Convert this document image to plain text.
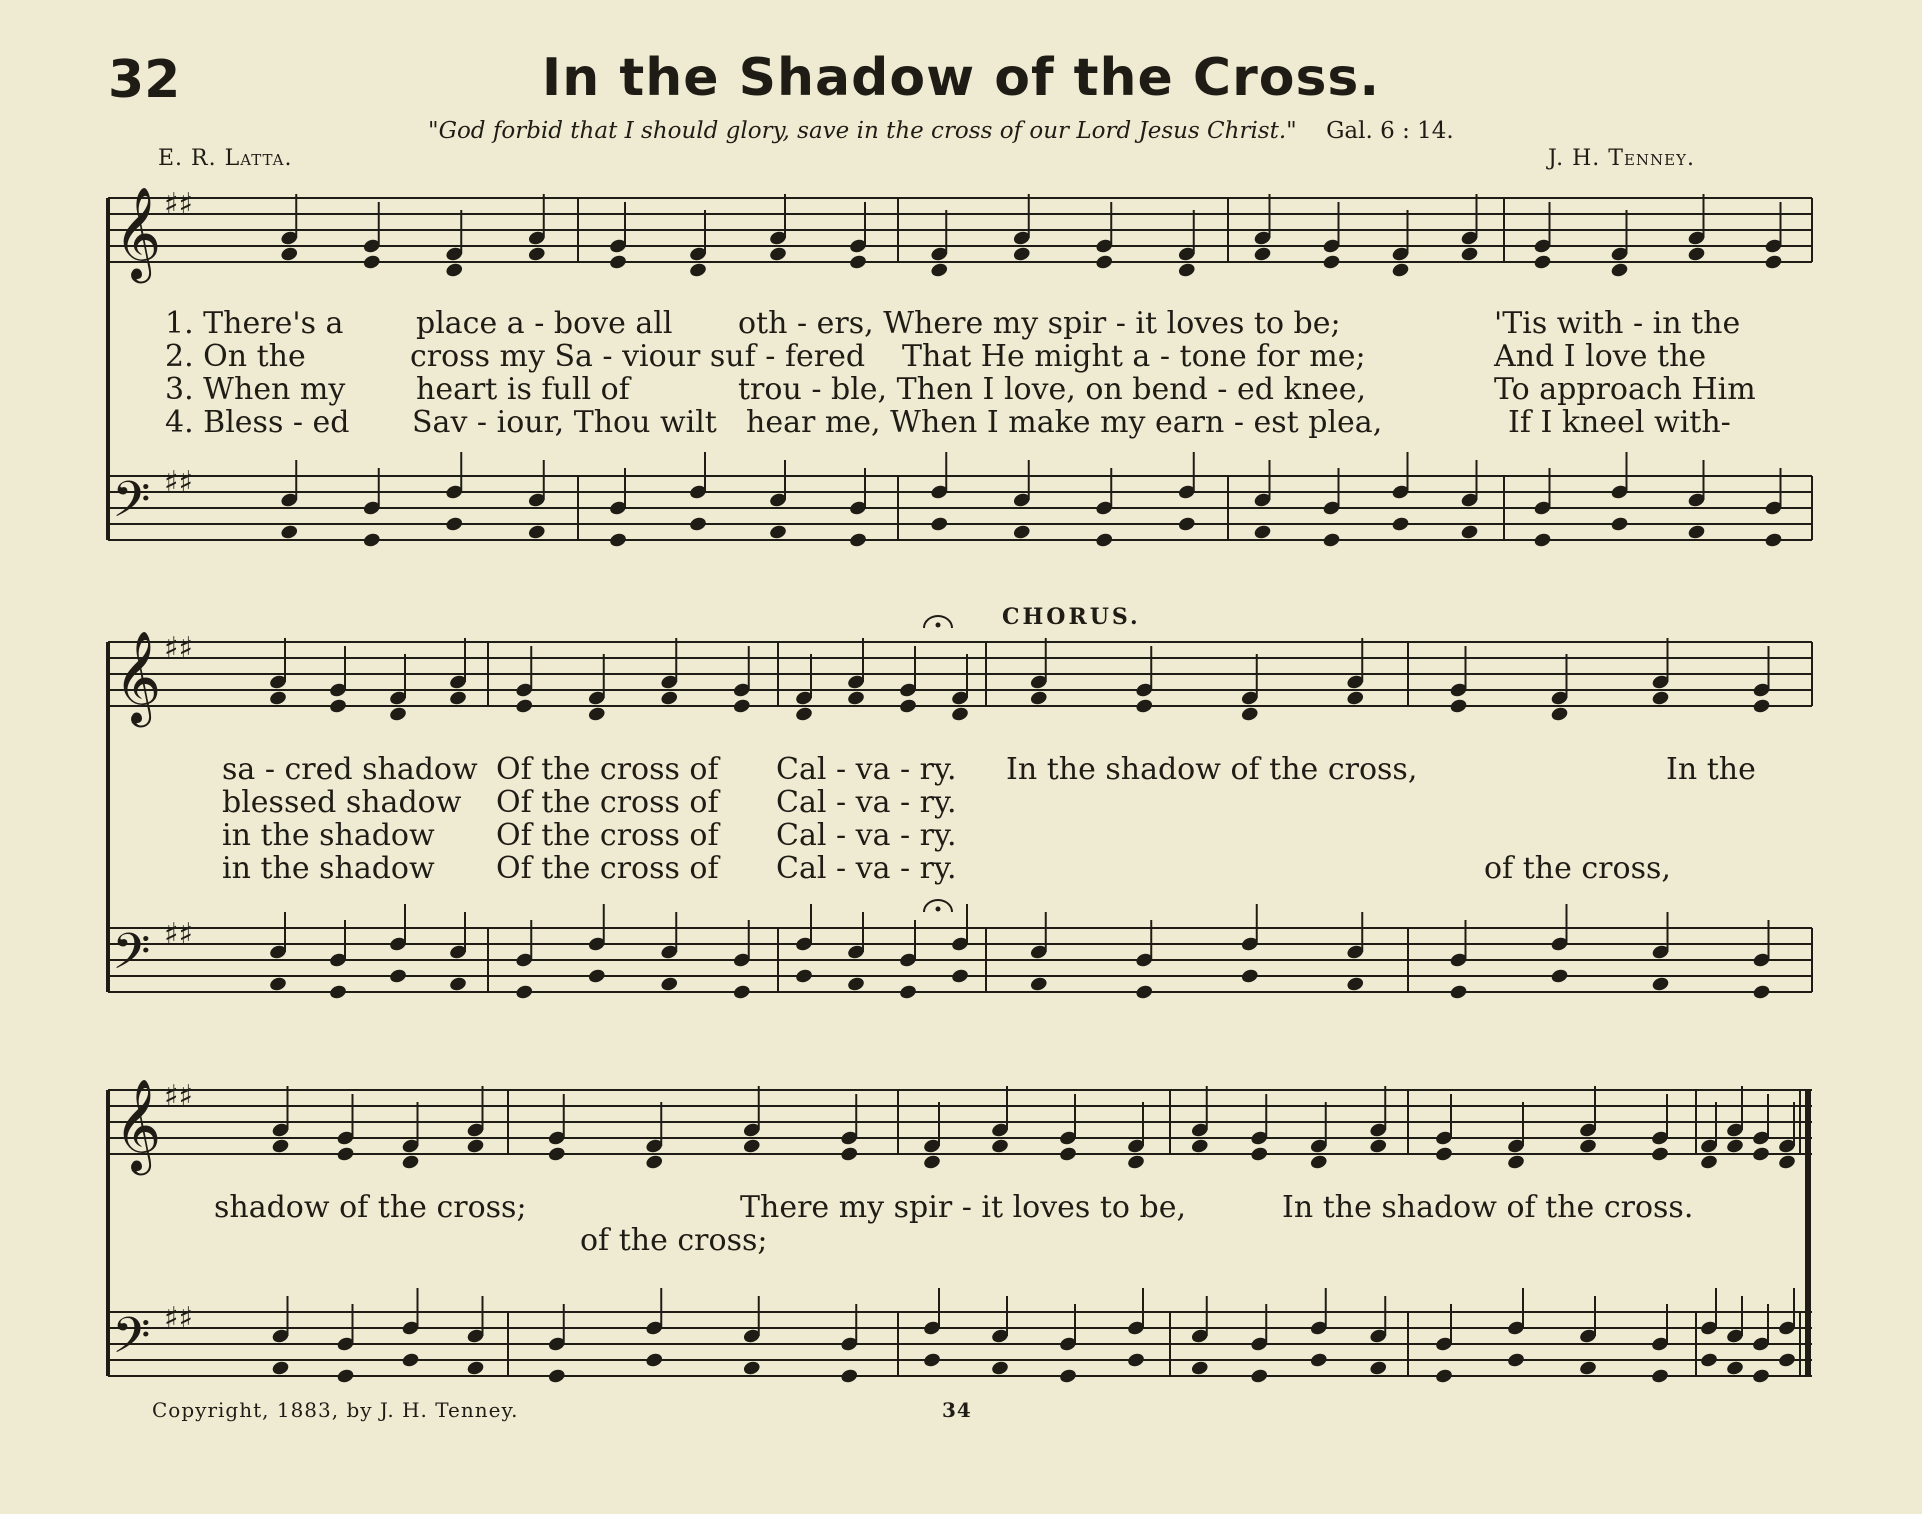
32	In the Shadow of the Cross.
"God forbid that I should glory, save in the cross of our Lord Jesus Christ." Gal. 6 : 14.
E. R. Latta.	J. H. Tenney.
𝄞
𝄢
♯♯
♯♯
𝄞
𝄢
♯♯
♯♯
𝄞
𝄢
♯♯
♯♯
CHORUS.
1. There's a place a - bove all oth - ers, Where my spir - it loves to be;	'Tis with - in the
2. On the	cross my Sa - viour suf - fered That He might a - tone for me;	And I love the
3. When my heart is full of	trou - ble, Then I love, on bend - ed knee,	To approach Him
4. Bless - ed Sav - iour, Thou wilt hear me, When I make my earn - est plea,	If I kneel with-
sa - cred shadow Of the cross of Cal - va - ry. In the shadow of the cross,	In the
blessed shadow Of the cross of Cal - va - ry.
in the shadow Of the cross of Cal - va - ry.
in the shadow Of the cross of Cal - va - ry.	of the cross,
shadow of the cross;	There my spir - it loves to be,	In the shadow of the cross.
of the cross;
Copyright, 1883, by J. H. Tenney.	34
